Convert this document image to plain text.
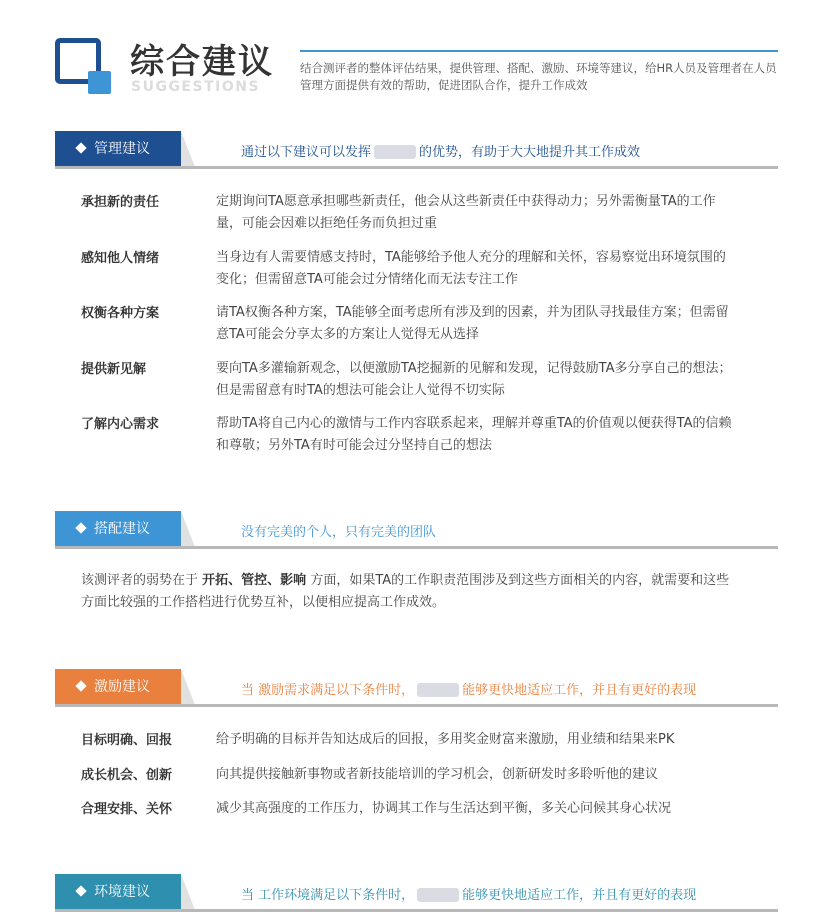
综合建议
SUGGESTIONS
结合测评者的整体评估结果，提供管理、搭配、激励、环境等建议，给HR人员及管理者在人员管理方面提供有效的帮助，促进团队合作，提升工作成效
管理建议	通过以下建议可以发挥	的优势，有助于大大地提升其工作成效
承担新的责任	定期询问TA愿意承担哪些新责任，他会从这些新责任中获得动力；另外需衡量TA的工作量，可能会因难以拒绝任务而负担过重
感知他人情绪	当身边有人需要情感支持时，TA能够给予他人充分的理解和关怀，容易察觉出环境氛围的变化；但需留意TA可能会过分情绪化而无法专注工作
权衡各种方案	请TA权衡各种方案，TA能够全面考虑所有涉及到的因素，并为团队寻找最佳方案；但需留意TA可能会分享太多的方案让人觉得无从选择
提供新见解	要向TA多灌输新观念，以便激励TA挖掘新的见解和发现，记得鼓励TA多分享自己的想法；但是需留意有时TA的想法可能会让人觉得不切实际
了解内心需求	帮助TA将自己内心的激情与工作内容联系起来，理解并尊重TA的价值观以便获得TA的信赖和尊敬；另外TA有时可能会过分坚持自己的想法
搭配建议	没有完美的个人，只有完美的团队
该测评者的弱势在于 开拓、管控、影响 方面，如果TA的工作职责范围涉及到这些方面相关的内容，就需要和这些方面比较强的工作搭档进行优势互补，以便相应提高工作成效。
激励建议	当 激励需求满足以下条件时，	能够更快地适应工作，并且有更好的表现
目标明确、回报	给予明确的目标并告知达成后的回报，多用奖金财富来激励，用业绩和结果来PK
成长机会、创新	向其提供接触新事物或者新技能培训的学习机会，创新研发时多聆听他的建议
合理安排、关怀	减少其高强度的工作压力，协调其工作与生活达到平衡，多关心问候其身心状况
环境建议	当 工作环境满足以下条件时，	能够更快地适应工作，并且有更好的表现
